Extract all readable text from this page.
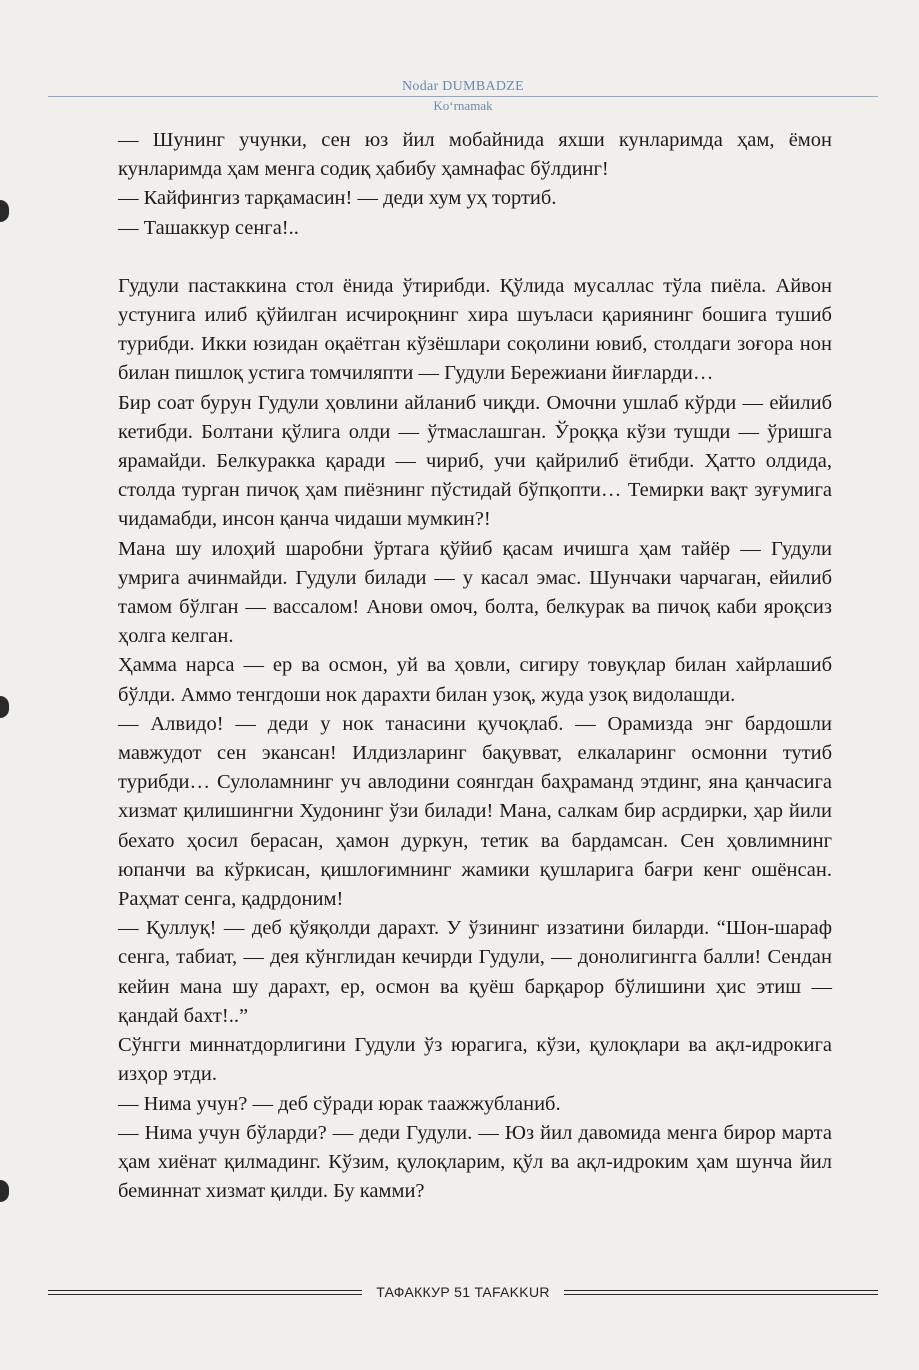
Nodar DUMBADZE
Ko‘rnamak

— Шунинг учунки, сен юз йил мобайнида яхши кунларимда ҳам, ёмон кунларимда ҳам менга содиқ ҳабибу ҳамнафас бўлдинг!

— Кайфингиз тарқамасин! — деди хум уҳ тортиб.

— Ташаккур сенга!..

Гудули пастаккина стол ёнида ўтирибди. Қўлида мусаллас тўла пиёла. Айвон устунига илиб қўйилган исчироқнинг хира шуъласи қариянинг бошига тушиб турибди. Икки юзидан оқаётган кўзёшлари соқолини ювиб, столдаги зоғора нон билан пишлоқ устига томчиляпти — Гудули Бережиани йиғларди…

Бир соат бурун Гудули ҳовлини айланиб чиқди. Омочни ушлаб кўрди — ейилиб кетибди. Болтани қўлига олди — ўтмаслашган. Ўроққа кўзи тушди — ўришга ярамайди. Белкуракка қаради — чириб, учи қайрилиб ётибди. Ҳатто олдида, столда турган пичоқ ҳам пиёзнинг пўстидай бўпқопти… Темирки вақт зуғумига чидамабди, инсон қанча чидаши мумкин?!

Мана шу илоҳий шаробни ўртага қўйиб қасам ичишга ҳам тайёр — Гудули умрига ачинмайди. Гудули билади — у касал эмас. Шунчаки чарчаган, ейилиб тамом бўлган — вассалом! Анови омоч, болта, белкурак ва пичоқ каби яроқсиз ҳолга келган.

Ҳамма нарса — ер ва осмон, уй ва ҳовли, сигиру товуқлар билан хайрлашиб бўлди. Аммо тенгдоши нок дарахти билан узоқ, жуда узоқ видолашди.

— Алвидо! — деди у нок танасини қучоқлаб. — Орамизда энг бардошли мавжудот сен экансан! Илдизларинг бақувват, елкаларинг осмонни тутиб турибди… Сулоламнинг уч авлодини соянгдан баҳраманд этдинг, яна қанчасига хизмат қилишингни Худонинг ўзи билади! Мана, салкам бир асрдирки, ҳар йили бехато ҳосил берасан, ҳамон дуркун, тетик ва бардамсан. Сен ҳовлимнинг юпанчи ва кўркисан, қишлоғимнинг жамики қушларига бағри кенг ошёнсан. Раҳмат сенга, қадрдоним!

— Қуллуқ! — деб қўяқолди дарахт. У ўзининг иззатини биларди. “Шон-шараф сенга, табиат, — дея кўнглидан кечирди Гудули, — донолигингга балли! Сендан кейин мана шу дарахт, ер, осмон ва қуёш барқарор бўлишини ҳис этиш — қандай бахт!..”

Сўнгги миннатдорлигини Гудули ўз юрагига, кўзи, қулоқлари ва ақл-идрокига изҳор этди.

— Нима учун? — деб сўради юрак таажжубланиб.

— Нима учун бўларди? — деди Гудули. — Юз йил давомида менга бирор марта ҳам хиёнат қилмадинг. Кўзим, қулоқларим, қўл ва ақл-идроким ҳам шунча йил беминнат хизмат қилди. Бу камми?

ТАФАККУР 51 TAFAKKUR
